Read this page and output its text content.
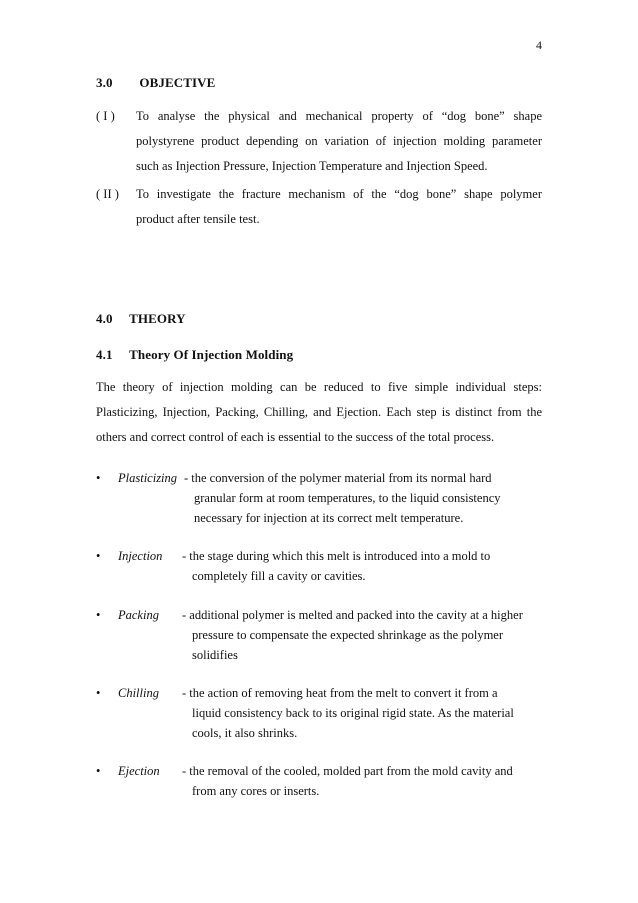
4
3.0 OBJECTIVE
( I ) To analyse the physical and mechanical property of “dog bone” shape
polystyrene product depending on variation of injection molding parameter
such as Injection Pressure, Injection Temperature and Injection Speed.
( II ) To investigate the fracture mechanism of the “dog bone” shape polymer
product after tensile test.
4.0 THEORY
4.1 Theory Of Injection Molding
The theory of injection molding can be reduced to five simple individual steps:
Plasticizing, Injection, Packing, Chilling, and Ejection. Each step is distinct from the
others and correct control of each is essential to the success of the total process.
• Plasticizing - the conversion of the polymer material from its normal hard
granular form at room temperatures, to the liquid consistency
necessary for injection at its correct melt temperature.
• Injection - the stage during which this melt is introduced into a mold to
completely fill a cavity or cavities.
• Packing - additional polymer is melted and packed into the cavity at a higher
pressure to compensate the expected shrinkage as the polymer
solidifies
• Chilling - the action of removing heat from the melt to convert it from a
liquid consistency back to its original rigid state. As the material
cools, it also shrinks.
• Ejection - the removal of the cooled, molded part from the mold cavity and
from any cores or inserts.
